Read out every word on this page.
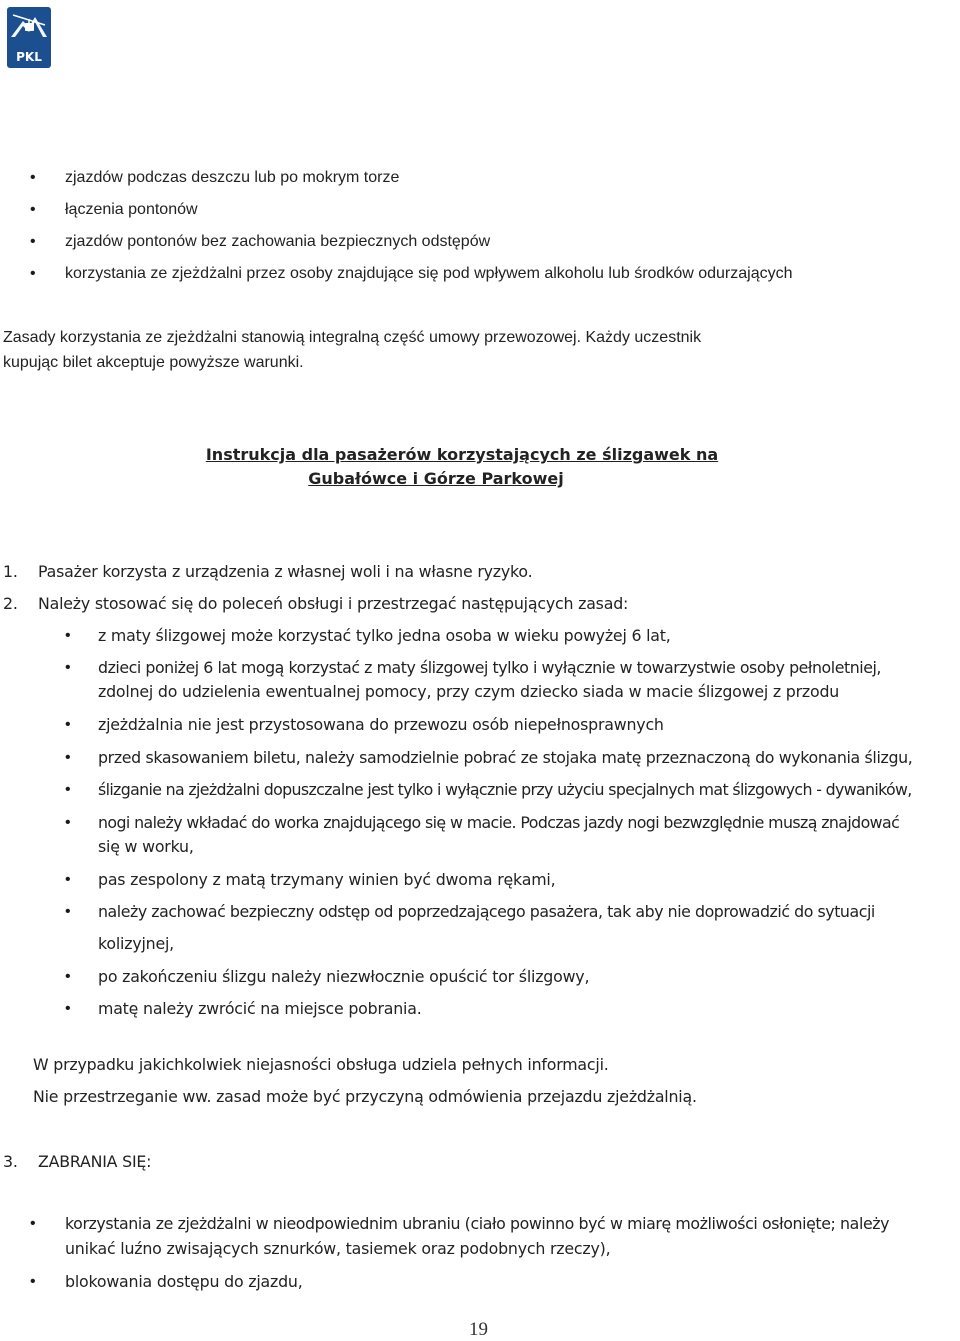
PKL
• zjazdów podczas deszczu lub po mokrym torze
• łączenia pontonów
• zjazdów pontonów bez zachowania bezpiecznych odstępów
• korzystania ze zjeżdżalni przez osoby znajdujące się pod wpływem alkoholu lub środków odurzających
Zasady korzystania ze zjeżdżalni stanowią integralną część umowy przewozowej. Każdy uczestnik
kupując bilet akceptuje powyższe warunki.
Instrukcja dla pasażerów korzystających ze ślizgawek na
Gubałówce i Górze Parkowej
1. Pasażer korzysta z urządzenia z własnej woli i na własne ryzyko.
2. Należy stosować się do poleceń obsługi i przestrzegać następujących zasad:
• z maty ślizgowej może korzystać tylko jedna osoba w wieku powyżej 6 lat,
• dzieci poniżej 6 lat mogą korzystać z maty ślizgowej tylko i wyłącznie w towarzystwie osoby pełnoletniej,
zdolnej do udzielenia ewentualnej pomocy, przy czym dziecko siada w macie ślizgowej z przodu
• zjeżdżalnia nie jest przystosowana do przewozu osób niepełnosprawnych
• przed skasowaniem biletu, należy samodzielnie pobrać ze stojaka matę przeznaczoną do wykonania ślizgu,
• ślizganie na zjeżdżalni dopuszczalne jest tylko i wyłącznie przy użyciu specjalnych mat ślizgowych - dywaników,
• nogi należy wkładać do worka znajdującego się w macie. Podczas jazdy nogi bezwzględnie muszą znajdować
się w worku,
• pas zespolony z matą trzymany winien być dwoma rękami,
• należy zachować bezpieczny odstęp od poprzedzającego pasażera, tak aby nie doprowadzić do sytuacji
kolizyjnej,
• po zakończeniu ślizgu należy niezwłocznie opuścić tor ślizgowy,
• matę należy zwrócić na miejsce pobrania.
W przypadku jakichkolwiek niejasności obsługa udziela pełnych informacji.
Nie przestrzeganie ww. zasad może być przyczyną odmówienia przejazdu zjeżdżalnią.
3. ZABRANIA SIĘ:
• korzystania ze zjeżdżalni w nieodpowiednim ubraniu (ciało powinno być w miarę możliwości osłonięte; należy
unikać luźno zwisających sznurków, tasiemek oraz podobnych rzeczy),
• blokowania dostępu do zjazdu,
19
